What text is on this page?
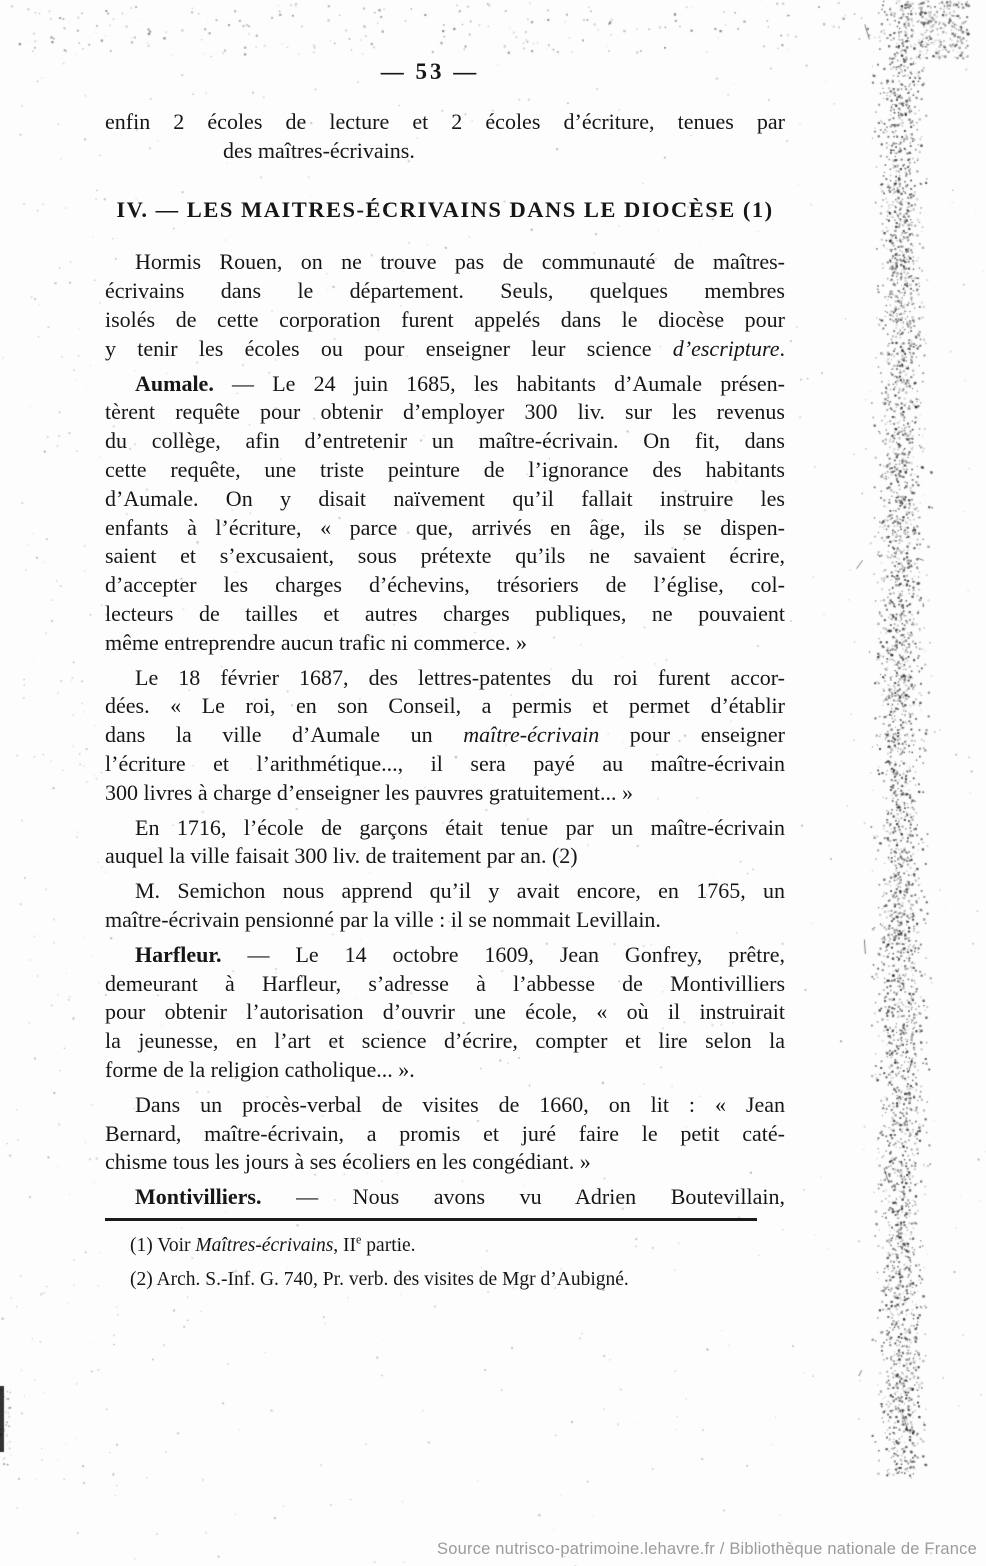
— 53 —
enfin 2 écoles de lecture et 2 écoles d’écriture, tenues par
des maîtres-écrivains.
IV. — LES MAITRES-ÉCRIVAINS DANS LE DIOCÈSE (1)
Hormis Rouen, on ne trouve pas de communauté de maîtres-
écrivains dans le département. Seuls, quelques membres
isolés de cette corporation furent appelés dans le diocèse pour
y tenir les écoles ou pour enseigner leur science d’escripture.
Aumale. — Le 24 juin 1685, les habitants d’Aumale présen-
tèrent requête pour obtenir d’employer 300 liv. sur les revenus
du collège, afin d’entretenir un maître-écrivain. On fit, dans
cette requête, une triste peinture de l’ignorance des habitants
d’Aumale. On y disait naïvement qu’il fallait instruire les
enfants à l’écriture, « parce que, arrivés en âge, ils se dispen-
saient et s’excusaient, sous prétexte qu’ils ne savaient écrire,
d’accepter les charges d’échevins, trésoriers de l’église, col-
lecteurs de tailles et autres charges publiques, ne pouvaient
même entreprendre aucun trafic ni commerce. »
Le 18 février 1687, des lettres-patentes du roi furent accor-
dées. « Le roi, en son Conseil, a permis et permet d’établir
dans la ville d’Aumale un maître-écrivain pour enseigner
l’écriture et l’arithmétique..., il sera payé au maître-écrivain
300 livres à charge d’enseigner les pauvres gratuitement... »
En 1716, l’école de garçons était tenue par un maître-écrivain
auquel la ville faisait 300 liv. de traitement par an. (2)
M. Semichon nous apprend qu’il y avait encore, en 1765, un
maître-écrivain pensionné par la ville : il se nommait Levillain.
Harfleur. — Le 14 octobre 1609, Jean Gonfrey, prêtre,
demeurant à Harfleur, s’adresse à l’abbesse de Montivilliers
pour obtenir l’autorisation d’ouvrir une école, « où il instruirait
la jeunesse, en l’art et science d’écrire, compter et lire selon la
forme de la religion catholique... ».
Dans un procès-verbal de visites de 1660, on lit : « Jean
Bernard, maître-écrivain, a promis et juré faire le petit caté-
chisme tous les jours à ses écoliers en les congédiant. »
Montivilliers. — Nous avons vu Adrien Boutevillain,
(1) Voir Maîtres-écrivains, IIe partie.
(2) Arch. S.-Inf. G. 740, Pr. verb. des visites de Mgr d’Aubigné.
Source nutrisco-patrimoine.lehavre.fr / Bibliothèque nationale de France
